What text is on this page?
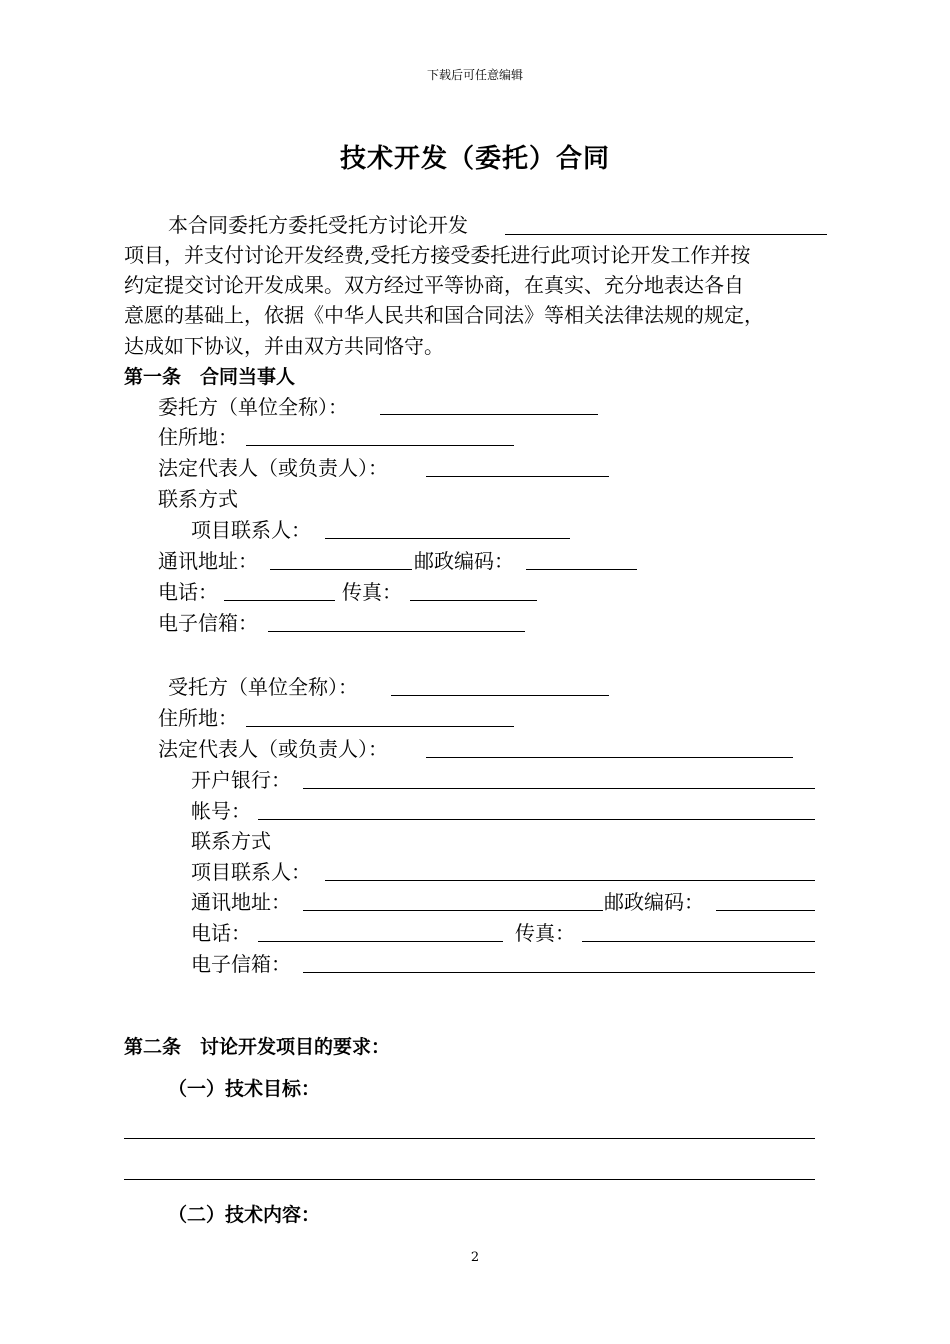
下载后可任意编辑
技术开发（委托）合同
本合同委托方委托受托方讨论开发
项目，并支付讨论开发经费,受托方接受委托进行此项讨论开发工作并按
约定提交讨论开发成果。双方经过平等协商，在真实、充分地表达各自
意愿的基础上，依据《中华人民共和国合同法》等相关法律法规的规定，
达成如下协议，并由双方共同恪守。
第一条　合同当事人
委托方（单位全称）：
住所地：
法定代表人（或负责人）：
联系方式
项目联系人：
通讯地址：	邮政编码：
电话：	传真：
电子信箱：
受托方（单位全称）：
住所地：
法定代表人（或负责人）：
开户银行：
帐号：
联系方式
项目联系人：
通讯地址：	邮政编码：
电话：	传真：
电子信箱：
第二条　讨论开发项目的要求：
（一）技术目标：
（二）技术内容：
2
